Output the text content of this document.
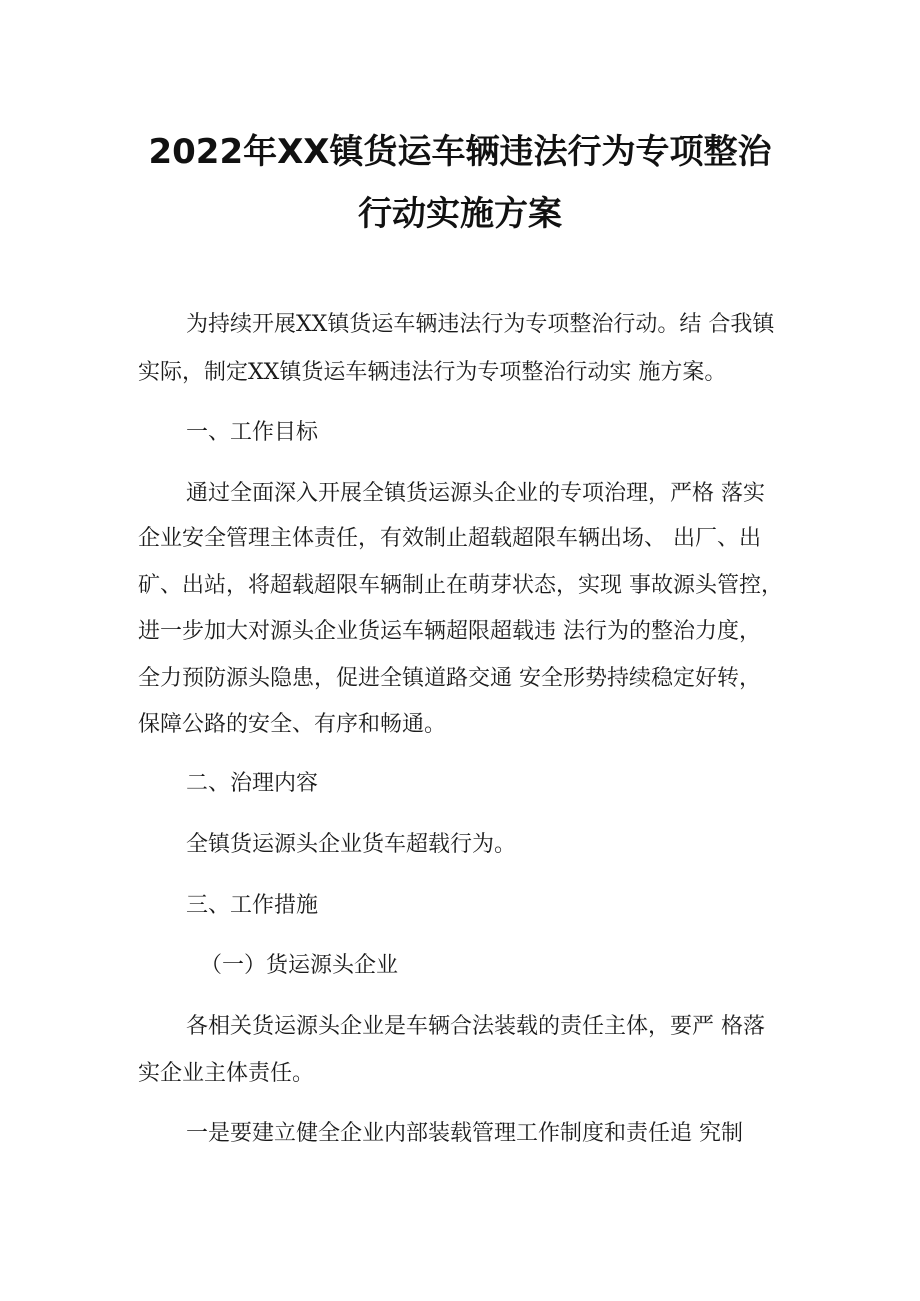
2022年XX镇货运车辆违法行为专项整治
行动实施方案
为持续开展XX镇货运车辆违法行为专项整治行动。结 合我镇
实际，制定XX镇货运车辆违法行为专项整治行动实 施方案。
一、工作目标
通过全面深入开展全镇货运源头企业的专项治理，严格 落实
企业安全管理主体责任，有效制止超载超限车辆出场、 出厂、出
矿、出站，将超载超限车辆制止在萌芽状态，实现 事故源头管控，
进一步加大对源头企业货运车辆超限超载违 法行为的整治力度，
全力预防源头隐患，促进全镇道路交通 安全形势持续稳定好转，
保障公路的安全、有序和畅通。
二、治理内容
全镇货运源头企业货车超载行为。
三、工作措施
（一）货运源头企业
各相关货运源头企业是车辆合法装载的责任主体，要严 格落
实企业主体责任。
一是要建立健全企业内部装载管理工作制度和责任追 究制
